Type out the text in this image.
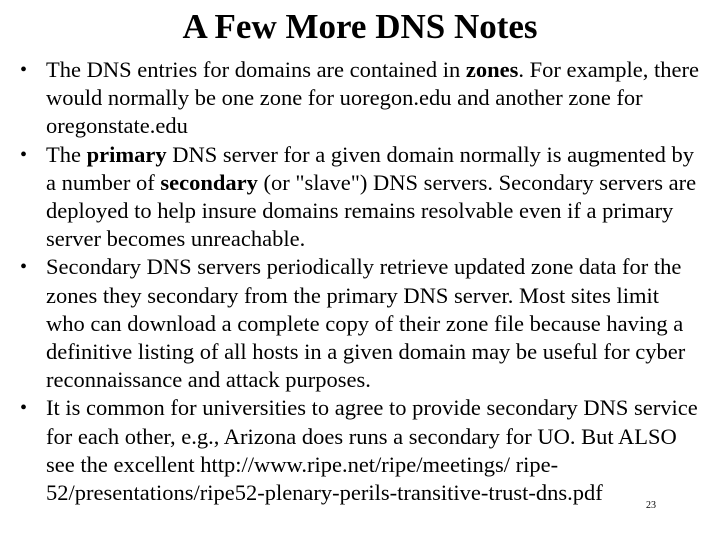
A Few More DNS Notes
• The DNS entries for domains are contained in zones. For example, there would normally be one zone for uoregon.edu and another zone for oregonstate.edu
• The primary DNS server for a given domain normally is augmented by a number of secondary (or "slave") DNS servers. Secondary servers are deployed to help insure domains remains resolvable even if a primary server becomes unreachable.
• Secondary DNS servers periodically retrieve updated zone data for the zones they secondary from the primary DNS server. Most sites limit who can download a complete copy of their zone file because having a definitive listing of all hosts in a given domain may be useful for cyber reconnaissance and attack purposes.
• It is common for universities to agree to provide secondary DNS service for each other, e.g., Arizona does runs a secondary for UO. But ALSO see the excellent http://www.ripe.net/ripe/meetings/ ripe-52/presentations/ripe52-plenary-perils-transitive-trust-dns.pdf
23
